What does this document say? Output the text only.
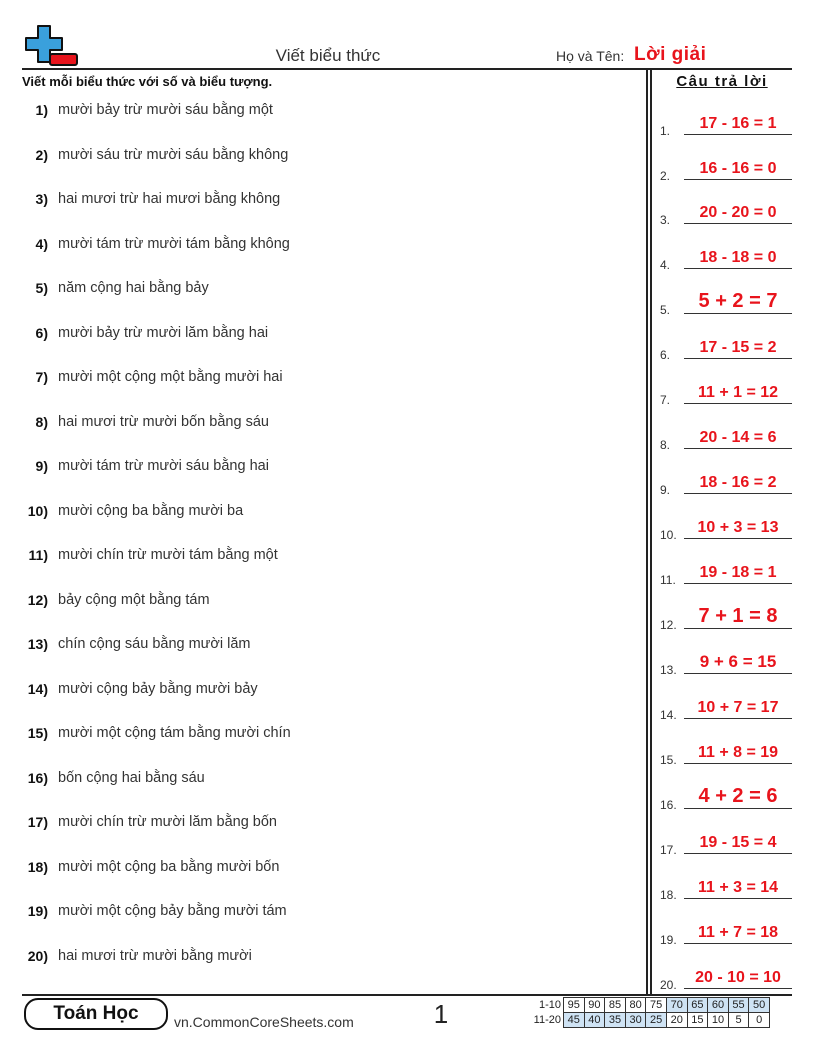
Viết biểu thức	Họ và Tên: Lời giải
Viết mỗi biểu thức với số và biểu tượng.	Câu trả lời
1) mười bảy trừ mười sáu bằng một
2) mười sáu trừ mười sáu bằng không
3) hai mươi trừ hai mươi bằng không
4) mười tám trừ mười tám bằng không
5) năm cộng hai bằng bảy
6) mười bảy trừ mười lăm bằng hai
7) mười một cộng một bằng mười hai
8) hai mươi trừ mười bốn bằng sáu
9) mười tám trừ mười sáu bằng hai
10) mười cộng ba bằng mười ba
11) mười chín trừ mười tám bằng một
12) bảy cộng một bằng tám
13) chín cộng sáu bằng mười lăm
14) mười cộng bảy bằng mười bảy
15) mười một cộng tám bằng mười chín
16) bốn cộng hai bằng sáu
17) mười chín trừ mười lăm bằng bốn
18) mười một cộng ba bằng mười bốn
19) mười một cộng bảy bằng mười tám
20) hai mươi trừ mười bằng mười
1.	17 - 16 = 1
2.	16 - 16 = 0
3.	20 - 20 = 0
4.	18 - 18 = 0
5.	5 + 2 = 7
6.	17 - 15 = 2
7.	11 + 1 = 12
8.	20 - 14 = 6
9.	18 - 16 = 2
10.	10 + 3 = 13
11.	19 - 18 = 1
12.	7 + 1 = 8
13.	9 + 6 = 15
14.	10 + 7 = 17
15.	11 + 8 = 19
16.	4 + 2 = 6
17.	19 - 15 = 4
18.	11 + 3 = 14
19.	11 + 7 = 18
20.	20 - 10 = 10
Toán Học	vn.CommonCoreSheets.com	1	1-10 95 90 85 80 75 70 65 60 55 50
11-20 45 40 35 30 25 20 15 10	5	0
